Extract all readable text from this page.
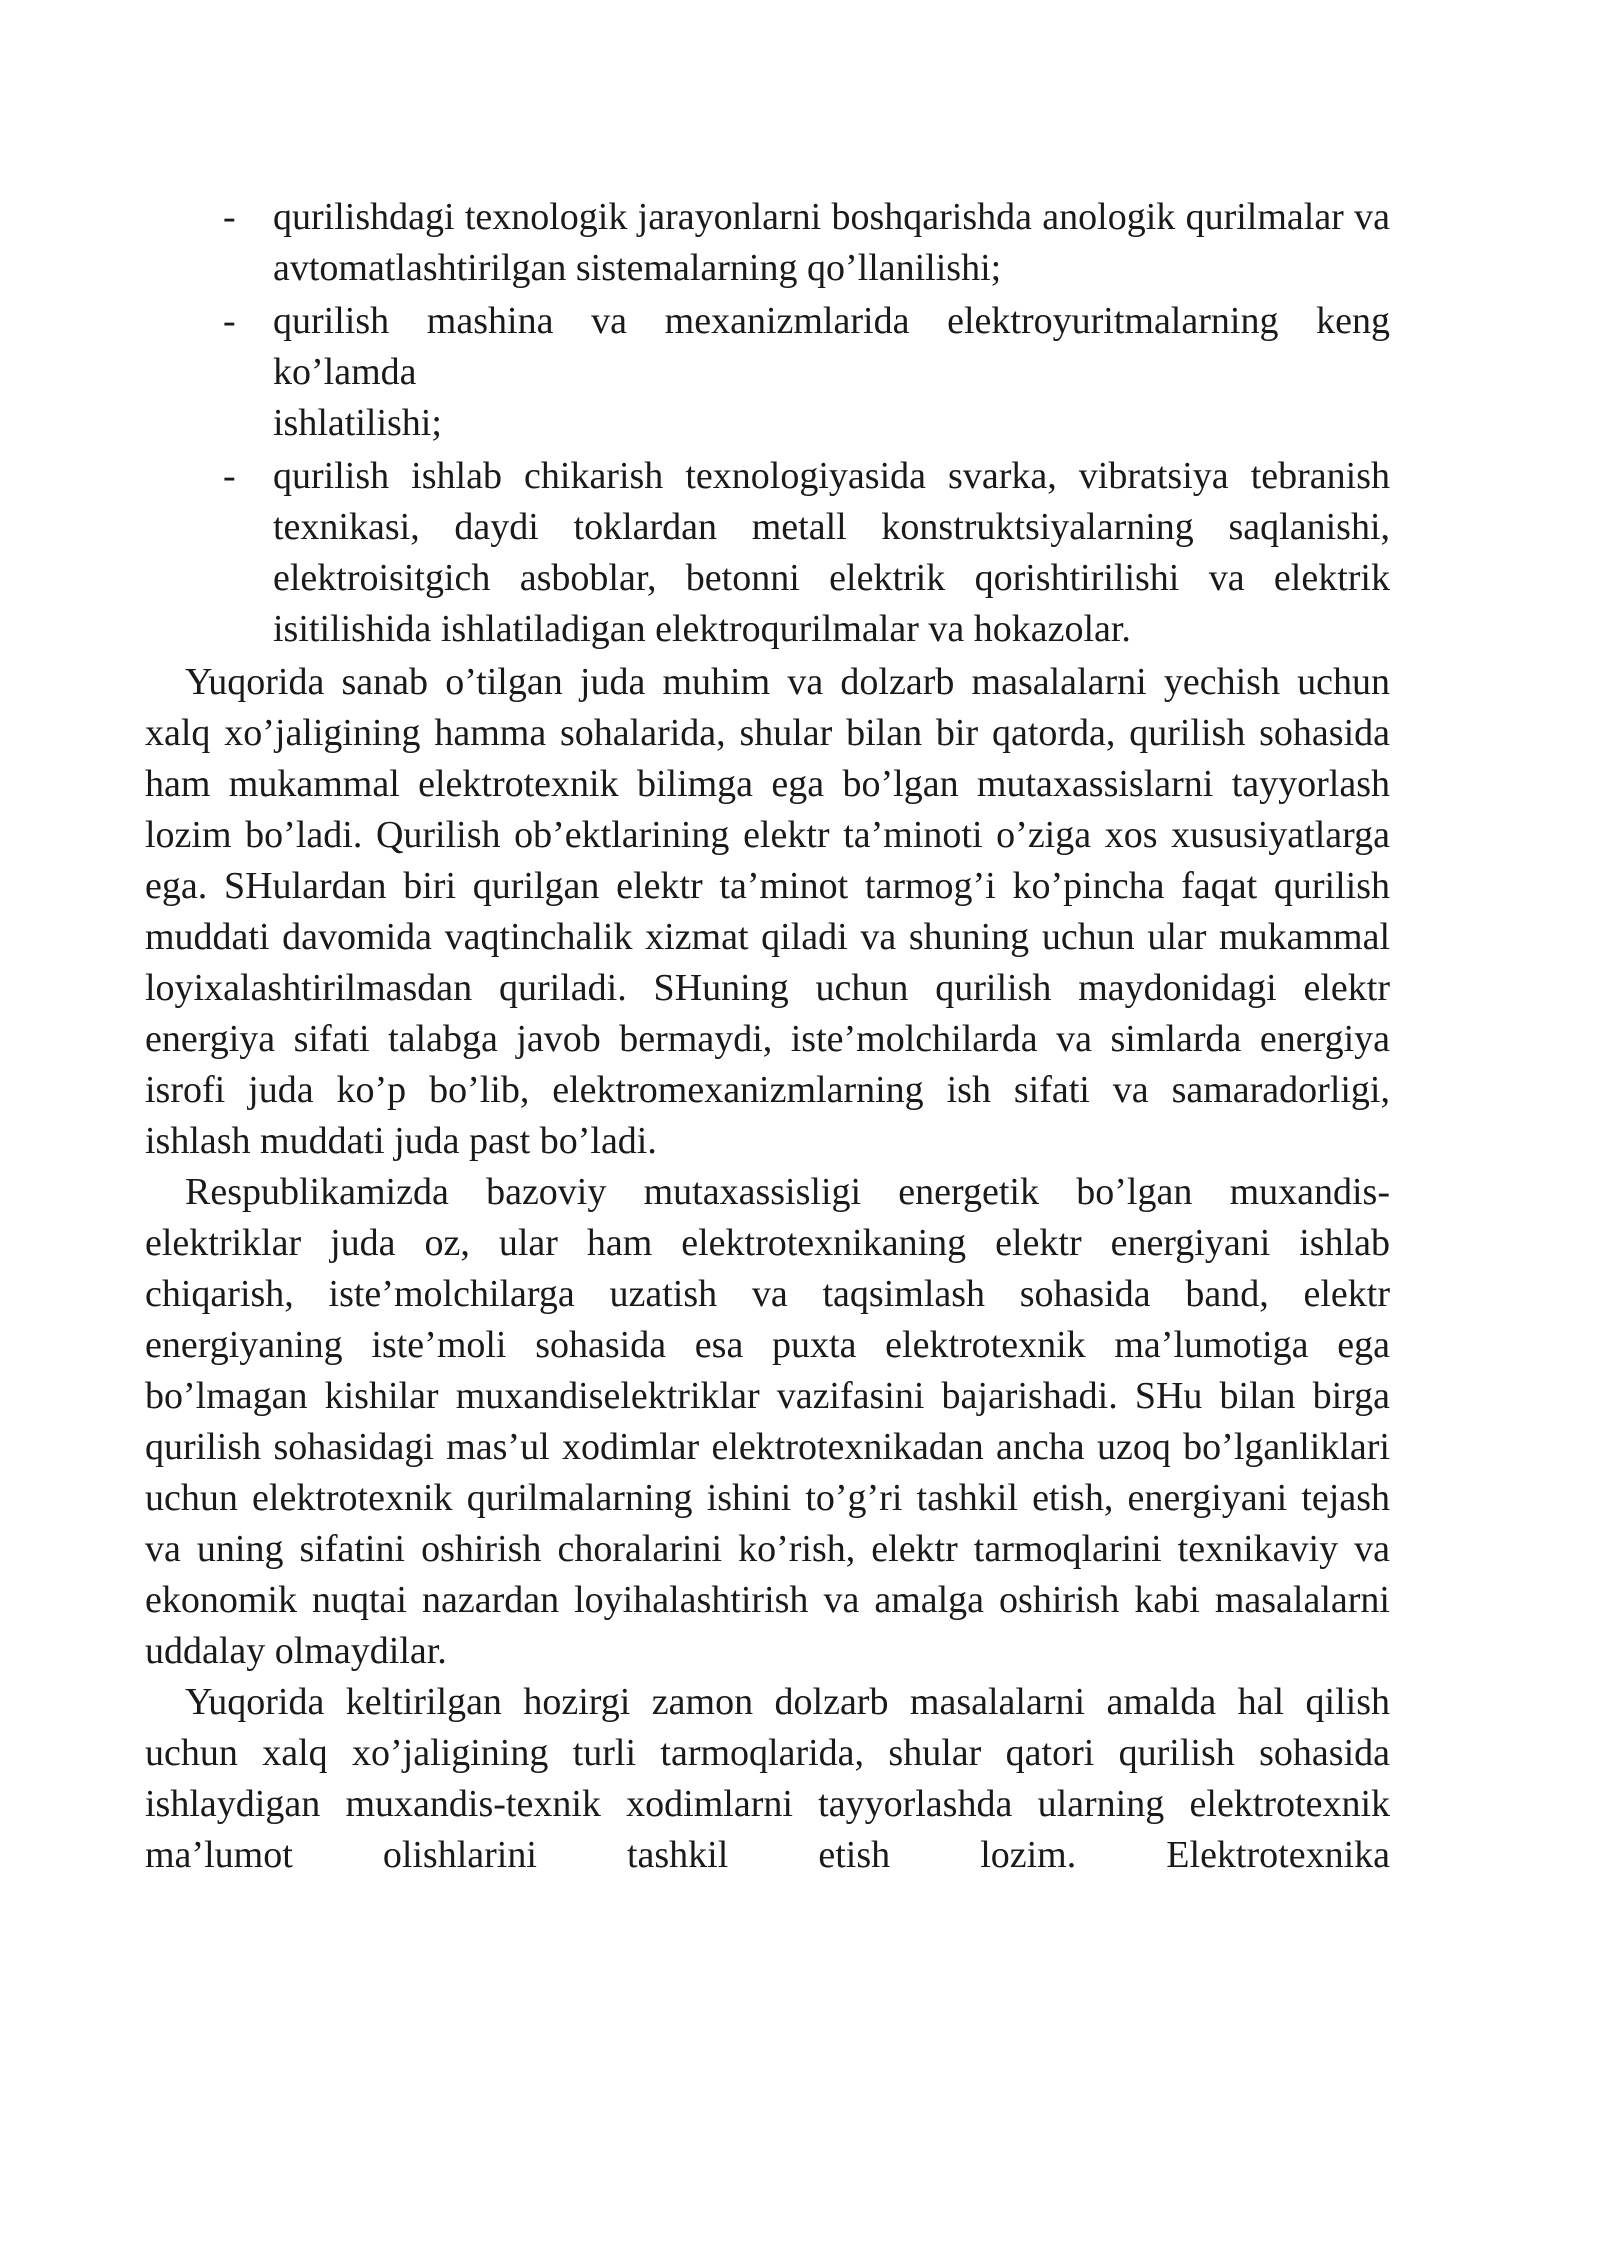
- qurilishdagi texnologik jarayonlarni boshqarishda anologik qurilmalar va avtomatlashtirilgan sistemalarning qo’llanilishi;
- qurilish mashina va mexanizmlarida elektroyuritmalarning keng
ko’lamda
ishlatilishi;
- qurilish ishlab chikarish texnologiyasida svarka, vibratsiya tebranish texnikasi, daydi toklardan metall konstruktsiyalarning saqlanishi, elektroisitgich asboblar, betonni elektrik qorishtirilishi va elektrik isitilishida ishlatiladigan elektroqurilmalar va hokazolar.

Yuqorida sanab o’tilgan juda muhim va dolzarb masalalarni yechish uchun xalq xo’jaligining hamma sohalarida, shular bilan bir qatorda, qurilish sohasida ham mukammal elektrotexnik bilimga ega bo’lgan mutaxassislarni tayyorlash lozim bo’ladi. Qurilish ob’ektlarining elektr ta’minoti o’ziga xos xususiyatlarga ega. SHulardan biri qurilgan elektr ta’minot tarmog’i ko’pincha faqat qurilish muddati davomida vaqtinchalik xizmat qiladi va shuning uchun ular mukammal loyixalashtirilmasdan quriladi. SHuning uchun qurilish maydonidagi elektr energiya sifati talabga javob bermaydi, iste’molchilarda va simlarda energiya isrofi juda ko’p bo’lib, elektromexanizmlarning ish sifati va samaradorligi, ishlash muddati juda past bo’ladi.

Respublikamizda bazoviy mutaxassisligi energetik bo’lgan muxandis-elektriklar juda oz, ular ham elektrotexnikaning elektr energiyani ishlab chiqarish, iste’molchilarga uzatish va taqsimlash sohasida band, elektr energiyaning iste’moli sohasida esa puxta elektrotexnik ma’lumotiga ega bo’lmagan kishilar muxandiselektriklar vazifasini bajarishadi. SHu bilan birga qurilish sohasidagi mas’ul xodimlar elektrotexnikadan ancha uzoq bo’lganliklari uchun elektrotexnik qurilmalarning ishini to’g’ri tashkil etish, energiyani tejash va uning sifatini oshirish choralarini ko’rish, elektr tarmoqlarini texnikaviy va ekonomik nuqtai nazardan loyihalashtirish va amalga oshirish kabi masalalarni uddalay olmaydilar.

Yuqorida keltirilgan hozirgi zamon dolzarb masalalarni amalda hal qilish uchun xalq xo’jaligining turli tarmoqlarida, shular qatori qurilish sohasida ishlaydigan muxandis-texnik xodimlarni tayyorlashda ularning elektrotexnik ma’lumot olishlarini tashkil etish lozim. Elektrotexnika
